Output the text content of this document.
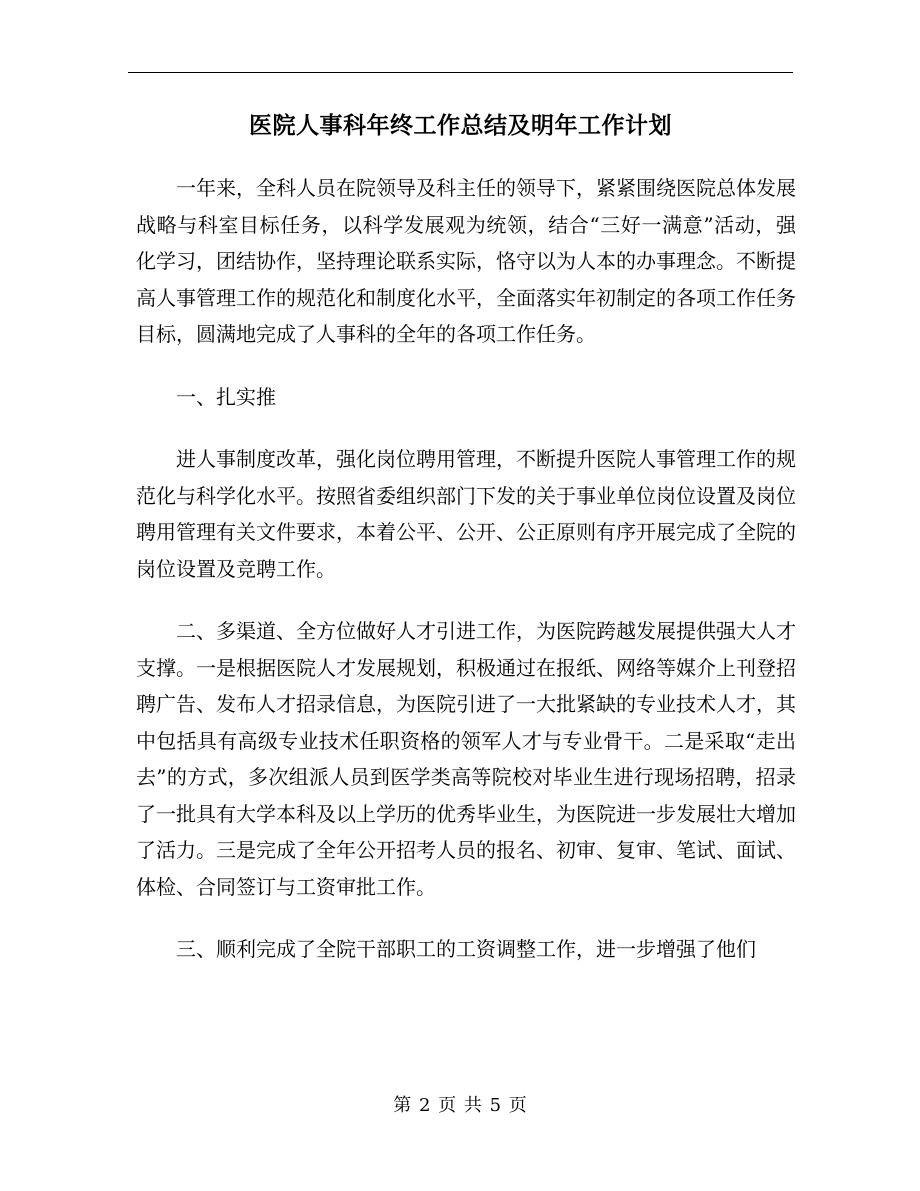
医院人事科年终工作总结及明年工作计划

一年来，全科人员在院领导及科主任的领导下，紧紧围绕医院总体发展战略与科室目标任务，以科学发展观为统领，结合“三好一满意”活动，强化学习，团结协作，坚持理论联系实际，恪守以为人本的办事理念。不断提高人事管理工作的规范化和制度化水平，全面落实年初制定的各项工作任务目标，圆满地完成了人事科的全年的各项工作任务。

一、扎实推

进人事制度改革，强化岗位聘用管理，不断提升医院人事管理工作的规范化与科学化水平。按照省委组织部门下发的关于事业单位岗位设置及岗位聘用管理有关文件要求，本着公平、公开、公正原则有序开展完成了全院的岗位设置及竞聘工作。

二、多渠道、全方位做好人才引进工作，为医院跨越发展提供强大人才支撑。一是根据医院人才发展规划，积极通过在报纸、网络等媒介上刊登招聘广告、发布人才招录信息，为医院引进了一大批紧缺的专业技术人才，其中包括具有高级专业技术任职资格的领军人才与专业骨干。二是采取“走出去”的方式，多次组派人员到医学类高等院校对毕业生进行现场招聘，招录了一批具有大学本科及以上学历的优秀毕业生，为医院进一步发展壮大增加了活力。三是完成了全年公开招考人员的报名、初审、复审、笔试、面试、体检、合同签订与工资审批工作。

三、顺利完成了全院干部职工的工资调整工作，进一步增强了他们

第 2 页 共 5 页
